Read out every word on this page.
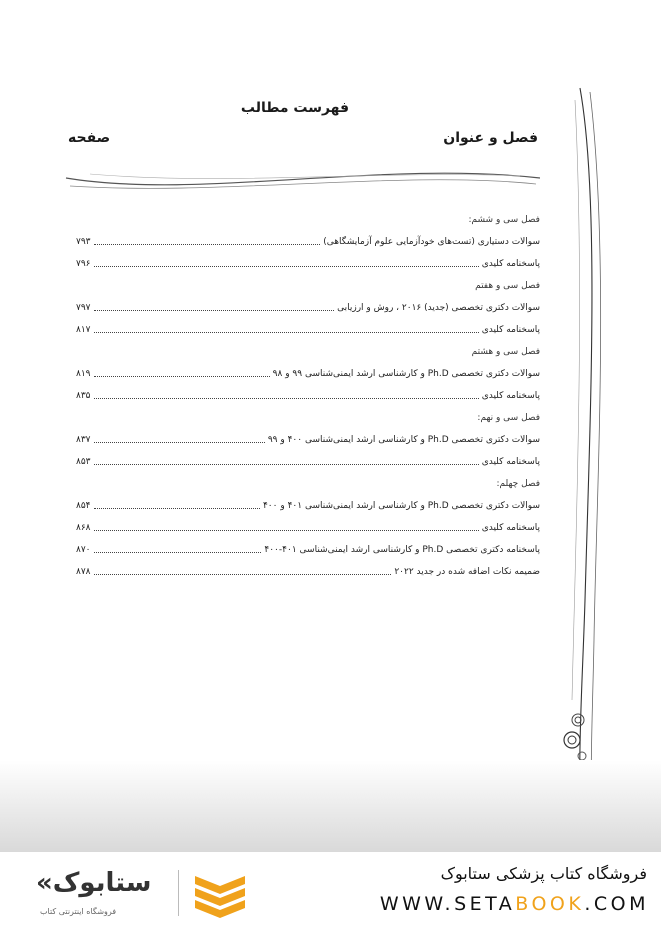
فهرست مطالب
فصل و عنوان
صفحه
فصل سی و ششم:
سوالات دستیاری (تست‌های خودآزمایی علوم آزمایشگاهی)
۷۹۳
پاسخنامه کلیدی
۷۹۶
فصل سی و هفتم
سوالات دکتری تخصصی (جدید) ۲۰۱۶ ، روش و ارزیابی
۷۹۷
پاسخنامه کلیدی
۸۱۷
فصل سی و هشتم
سوالات دکتری تخصصی Ph.D و کارشناسی ارشد ایمنی‌شناسی ۹۹ و ۹۸
۸۱۹
پاسخنامه کلیدی
۸۳۵
فصل سی و نهم:
سوالات دکتری تخصصی Ph.D و کارشناسی ارشد ایمنی‌شناسی ۴۰۰ و ۹۹
۸۳۷
پاسخنامه کلیدی
۸۵۳
فصل چهلم:
سوالات دکتری تخصصی Ph.D و کارشناسی ارشد ایمنی‌شناسی ۴۰۱ و ۴۰۰
۸۵۴
پاسخنامه کلیدی
۸۶۸
پاسخنامه دکتری تخصصی Ph.D و کارشناسی ارشد ایمنی‌شناسی ۴۰۱-۴۰۰
۸۷۰
ضمیمه نکات اضافه شده در جدید ۲۰۲۲
۸۷۸
«ستابوک
فروشگاه اینترنتی کتاب
فروشگاه کتاب پزشکی ستابوک
WWW.SETABOOK.COM
